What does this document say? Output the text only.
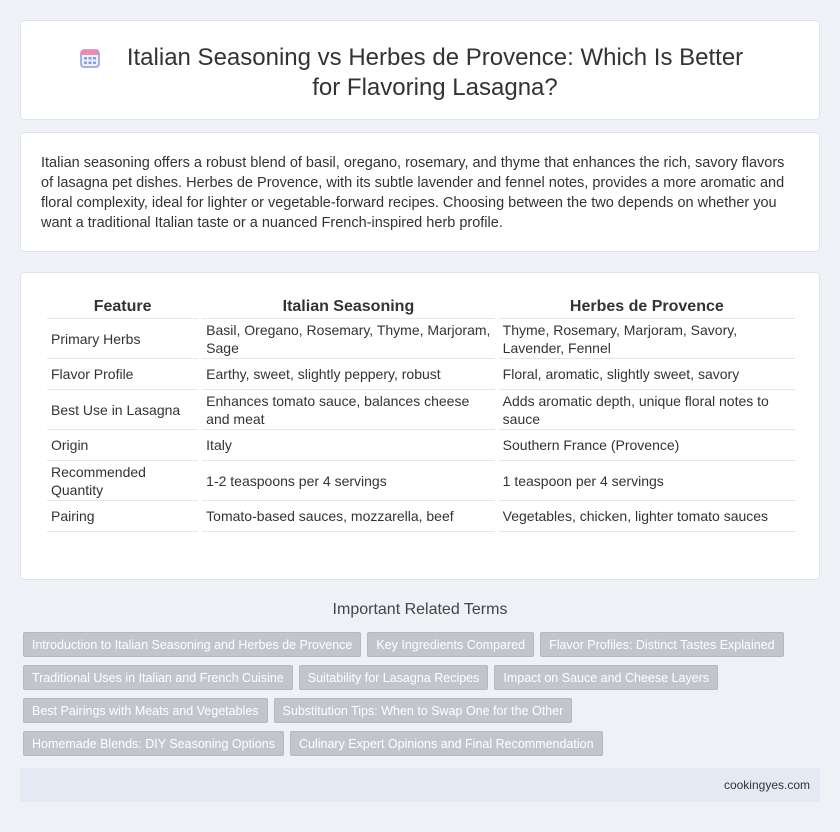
Italian Seasoning vs Herbes de Provence: Which Is Better for Flavoring Lasagna?

Italian seasoning offers a robust blend of basil, oregano, rosemary, and thyme that enhances the rich, savory flavors of lasagna pet dishes. Herbes de Provence, with its subtle lavender and fennel notes, provides a more aromatic and floral complexity, ideal for lighter or vegetable-forward recipes. Choosing between the two depends on whether you want a traditional Italian taste or a nuanced French-inspired herb profile.

Feature	Italian Seasoning	Herbes de Provence
Primary Herbs	Basil, Oregano, Rosemary, Thyme, Marjoram, Sage	Thyme, Rosemary, Marjoram, Savory, Lavender, Fennel
Flavor Profile	Earthy, sweet, slightly peppery, robust	Floral, aromatic, slightly sweet, savory
Best Use in Lasagna	Enhances tomato sauce, balances cheese and meat	Adds aromatic depth, unique floral notes to sauce
Origin	Italy	Southern France (Provence)
Recommended Quantity	1-2 teaspoons per 4 servings	1 teaspoon per 4 servings
Pairing	Tomato-based sauces, mozzarella, beef	Vegetables, chicken, lighter tomato sauces
Important Related Terms
Introduction to Italian Seasoning and Herbes de Provence	Key Ingredients Compared	Flavor Profiles: Distinct Tastes Explained
Traditional Uses in Italian and French Cuisine	Suitability for Lasagna Recipes	Impact on Sauce and Cheese Layers
Best Pairings with Meats and Vegetables	Substitution Tips: When to Swap One for the Other
Homemade Blends: DIY Seasoning Options	Culinary Expert Opinions and Final Recommendation
cookingyes.com
